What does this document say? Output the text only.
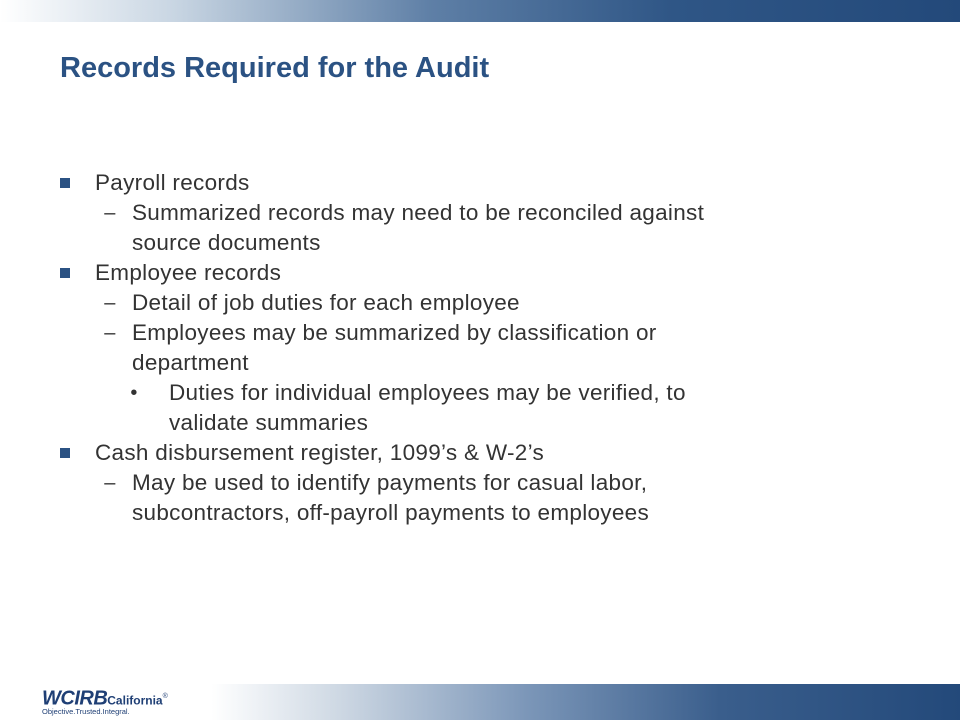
Records Required for the Audit
Payroll records
– Summarized records may need to be reconciled against
source documents
Employee records
– Detail of job duties for each employee
– Employees may be summarized by classification or
department
• Duties for individual employees may be verified, to
validate summaries
Cash disbursement register, 1099’s & W-2’s
– May be used to identify payments for casual labor,
subcontractors, off-payroll payments to employees
WCIRBCalifornia®
Objective.Trusted.Integral.
